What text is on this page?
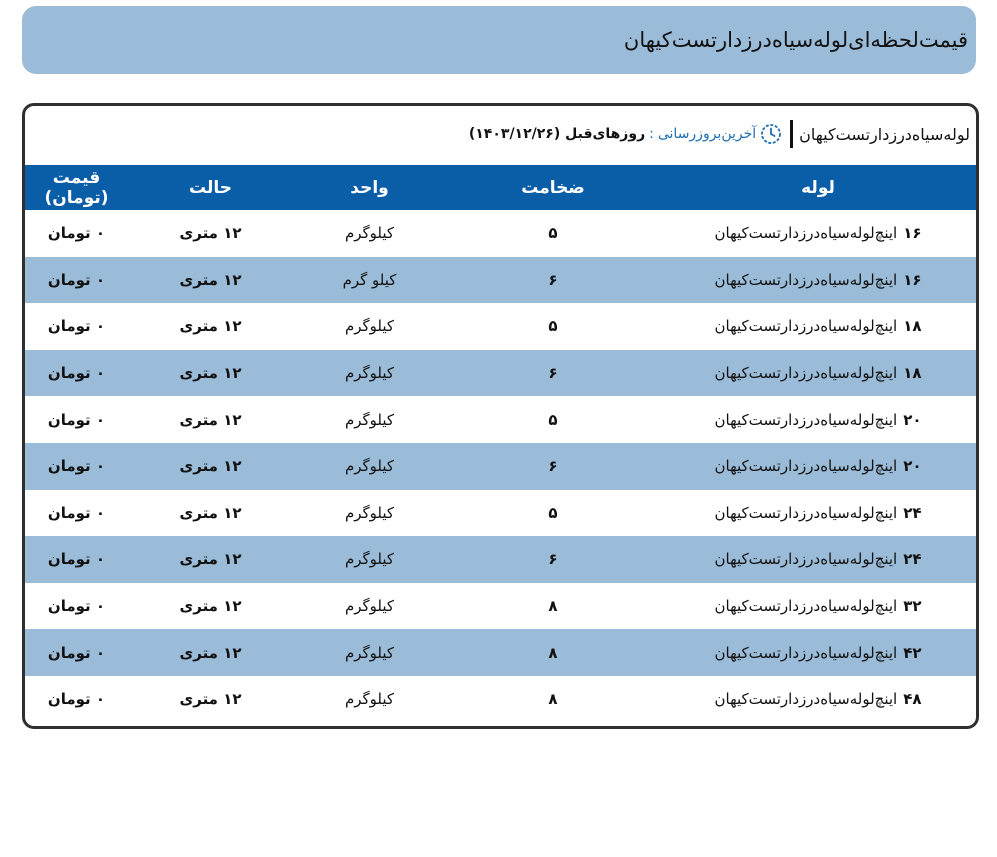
قیمت‌لحظه‌ای‌لوله‌سیاه‌درزدارتست‌کیهان
لوله‌سیاه‌درزدارتست‌کیهان
آخرین‌بروزرسانی
:
روزهای‌قبل (۱۴۰۳/۱۲/۲۶)
لوله	ضخامت	واحد	حالت	قیمت (تومان)
۱۶اینچ‌لوله‌سیاه‌درزدارتست‌کیهان	۵	کیلوگرم	۱۲ متری	۰ تومان
۱۶اینچ‌لوله‌سیاه‌درزدارتست‌کیهان	۶	کیلو گرم	۱۲ متری	۰ تومان
۱۸اینچ‌لوله‌سیاه‌درزدارتست‌کیهان	۵	کیلوگرم	۱۲ متری	۰ تومان
۱۸اینچ‌لوله‌سیاه‌درزدارتست‌کیهان	۶	کیلوگرم	۱۲ متری	۰ تومان
۲۰اینچ‌لوله‌سیاه‌درزدارتست‌کیهان	۵	کیلوگرم	۱۲ متری	۰ تومان
۲۰اینچ‌لوله‌سیاه‌درزدارتست‌کیهان	۶	کیلوگرم	۱۲ متری	۰ تومان
۲۴اینچ‌لوله‌سیاه‌درزدارتست‌کیهان	۵	کیلوگرم	۱۲ متری	۰ تومان
۲۴اینچ‌لوله‌سیاه‌درزدارتست‌کیهان	۶	کیلوگرم	۱۲ متری	۰ تومان
۳۲اینچ‌لوله‌سیاه‌درزدارتست‌کیهان	۸	کیلوگرم	۱۲ متری	۰ تومان
۴۲اینچ‌لوله‌سیاه‌درزدارتست‌کیهان	۸	کیلوگرم	۱۲ متری	۰ تومان
۴۸اینچ‌لوله‌سیاه‌درزدارتست‌کیهان	۸	کیلوگرم	۱۲ متری	۰ تومان
